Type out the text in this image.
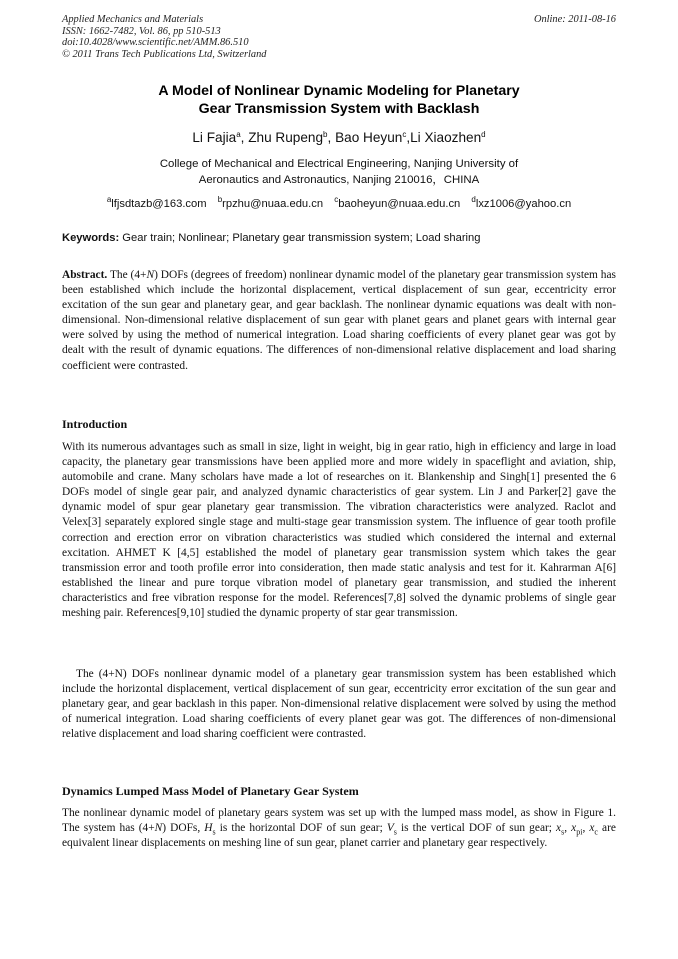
Applied Mechanics and Materials
ISSN: 1662-7482, Vol. 86, pp 510-513
doi:10.4028/www.scientific.net/AMM.86.510
© 2011 Trans Tech Publications Ltd, Switzerland
Online: 2011-08-16
A Model of Nonlinear Dynamic Modeling for Planetary
Gear Transmission System with Backlash
Li Fajia$^a$, Zhu Rupeng$^b$, Bao Heyun$^c$,Li Xiaozhen$^d$
College of Mechanical and Electrical Engineering, Nanjing University of
Aeronautics and Astronautics, Nanjing 210016，CHINA
$^a$lfjsdtazb@163.com $^b$rpzhu@nuaa.edu.cn $^c$baoheyun@nuaa.edu.cn $^d$lxz1006@yahoo.cn
Keywords: Gear train; Nonlinear; Planetary gear transmission system; Load sharing
Abstract. The (4+N) DOFs (degrees of freedom) nonlinear dynamic model of the planetary gear transmission system has been established which include the horizontal displacement, vertical displacement of sun gear, eccentricity error excitation of the sun gear and planetary gear, and gear backlash. The nonlinear dynamic equations was dealt with non-dimensional. Non-dimensional relative displacement of sun gear with planet gears and planet gears with internal gear were solved by using the method of numerical integration. Load sharing coefficients of every planet gear was got by dealt with the result of dynamic equations. The differences of non-dimensional relative displacement and load sharing coefficient were contrasted.
Introduction
With its numerous advantages such as small in size, light in weight, big in gear ratio, high in efficiency and large in load capacity, the planetary gear transmissions have been applied more and more widely in spaceflight and aviation, ship, automobile and crane. Many scholars have made a lot of researches on it. Blankenship and Singh[1] presented the 6 DOFs model of single gear pair, and analyzed dynamic characteristics of gear system. Lin J and Parker[2] gave the dynamic model of spur gear planetary gear transmission. The vibration characteristics were analyzed. Raclot and Velex[3] separately explored single stage and multi-stage gear transmission system. The influence of gear tooth profile correction and erection error on vibration characteristics was studied which considered the internal and external excitation. AHMET K [4,5] established the model of planetary gear transmission system which takes the gear transmission error and tooth profile error into consideration, then made static analysis and test for it. Kahrarman A[6] established the linear and pure torque vibration model of planetary gear transmission, and studied the inherent characteristics and free vibration response for the model. References[7,8] solved the dynamic problems of single gear meshing pair. References[9,10] studied the dynamic property of star gear transmission.
The (4+N) DOFs nonlinear dynamic model of a planetary gear transmission system has been established which include the horizontal displacement, vertical displacement of sun gear, eccentricity error excitation of the sun gear and planetary gear, and gear backlash in this paper. Non-dimensional relative displacement were solved by using the method of numerical integration. Load sharing coefficients of every planet gear was got. The differences of non-dimensional relative displacement and load sharing coefficient were contrasted.
Dynamics Lumped Mass Model of Planetary Gear System
The nonlinear dynamic model of planetary gears system was set up with the lumped mass model, as show in Figure 1. The system has (4+N) DOFs, $H_s$ is the horizontal DOF of sun gear; $V_s$ is the vertical DOF of sun gear; $x_s$, $x_{pi}$, $x_c$ are equivalent linear displacements on meshing line of sun gear, planet carrier and planetary gear respectively.
